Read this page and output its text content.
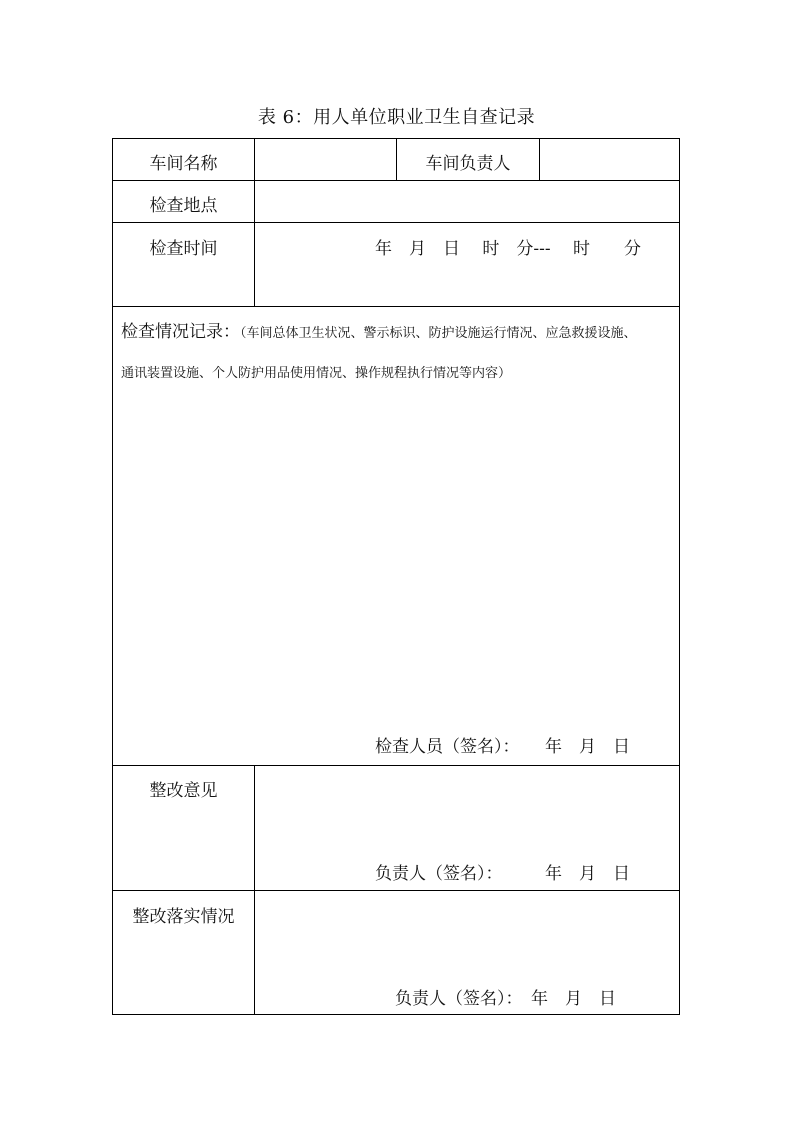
表 6：用人单位职业卫生自查记录
车间名称	车间负责人
检查地点
检查时间	年　月　日　 时　分---　 时　　分
检查情况记录：（车间总体卫生状况、警示标识、防护设施运行情况、应急救援设施、
通讯装置设施、个人防护用品使用情况、操作规程执行情况等内容）
检查人员（签名）：　　年　月　日
整改意见
负责人（签名）：　　　年　月　日
整改落实情况
负责人（签名）：　年　月　日
